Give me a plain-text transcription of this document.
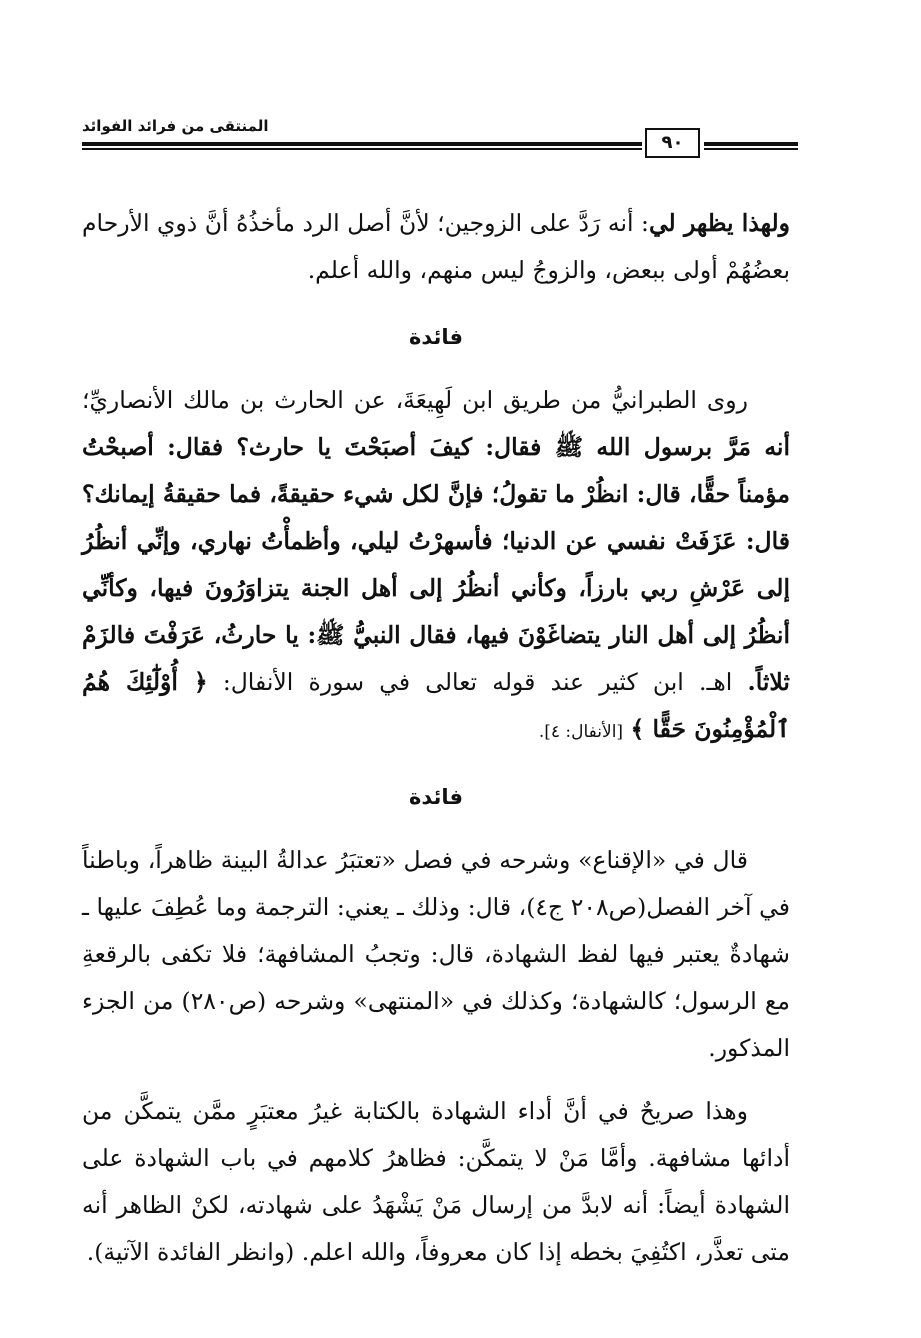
المنتقى من فرائد الفوائد
٩٠

ولهذا يظهر لي: أنه رَدَّ على الزوجين؛ لأنَّ أصل الرد مأخذُهُ أنَّ ذوي الأرحام بعضُهُمْ أولى ببعض، والزوجُ ليس منهم، والله أعلم.

فائدة

روى الطبرانيُّ من طريق ابن لَهِيعَةَ، عن الحارث بن مالك الأنصاريِّ؛ أنه مَرَّ برسول الله ﷺ فقال: كيفَ أصبَحْتَ يا حارث؟ فقال: أصبحْتُ مؤمناً حقًّا، قال: انظُرْ ما تقولُ؛ فإنَّ لكل شيء حقيقةً، فما حقيقةُ إيمانك؟ قال: عَزَفَتْ نفسي عن الدنيا؛ فأسهرْتُ ليلي، وأظمأْتُ نهاري، وإنِّي أنظُرُ إلى عَرْشِ ربي بارزاً، وكأني أنظُرُ إلى أهل الجنة يتزاوَرُونَ فيها، وكأنِّي أنظُرُ إلى أهل النار يتضاغَوْنَ فيها، فقال النبيُّ ﷺ: يا حارثُ، عَرَفْتَ فالزَمْ ثلاثاً. اهـ. ابن كثير عند قوله تعالى في سورة الأنفال: ﴿ أُوْلَٰٓئِكَ هُمُ ٱلْمُؤْمِنُونَ حَقًّا ﴾ [الأنفال: ٤].

فائدة

قال في «الإقناع» وشرحه في فصل «تعتبَرُ عدالةُ البينة ظاهراً، وباطناً في آخر الفصل(ص٢٠٨ ج٤)، قال: وذلك ـ يعني: الترجمة وما عُطِفَ عليها ـ شهادةٌ يعتبر فيها لفظ الشهادة، قال: وتجبُ المشافهة؛ فلا تكفى بالرقعةِ مع الرسول؛ كالشهادة؛ وكذلك في «المنتهى» وشرحه (ص٢٨٠) من الجزء المذكور.

وهذا صريحٌ في أنَّ أداء الشهادة بالكتابة غيرُ معتبَرٍ ممَّن يتمكَّن من أدائها مشافهة. وأمَّا مَنْ لا يتمكَّن: فظاهرُ كلامهم في باب الشهادة على الشهادة أيضاً: أنه لابدَّ من إرسال مَنْ يَشْهَدُ على شهادته، لكنْ الظاهر أنه متى تعذَّر، اكتُفِيَ بخطه إذا كان معروفاً، والله اعلم. (وانظر الفائدة الآتية).
